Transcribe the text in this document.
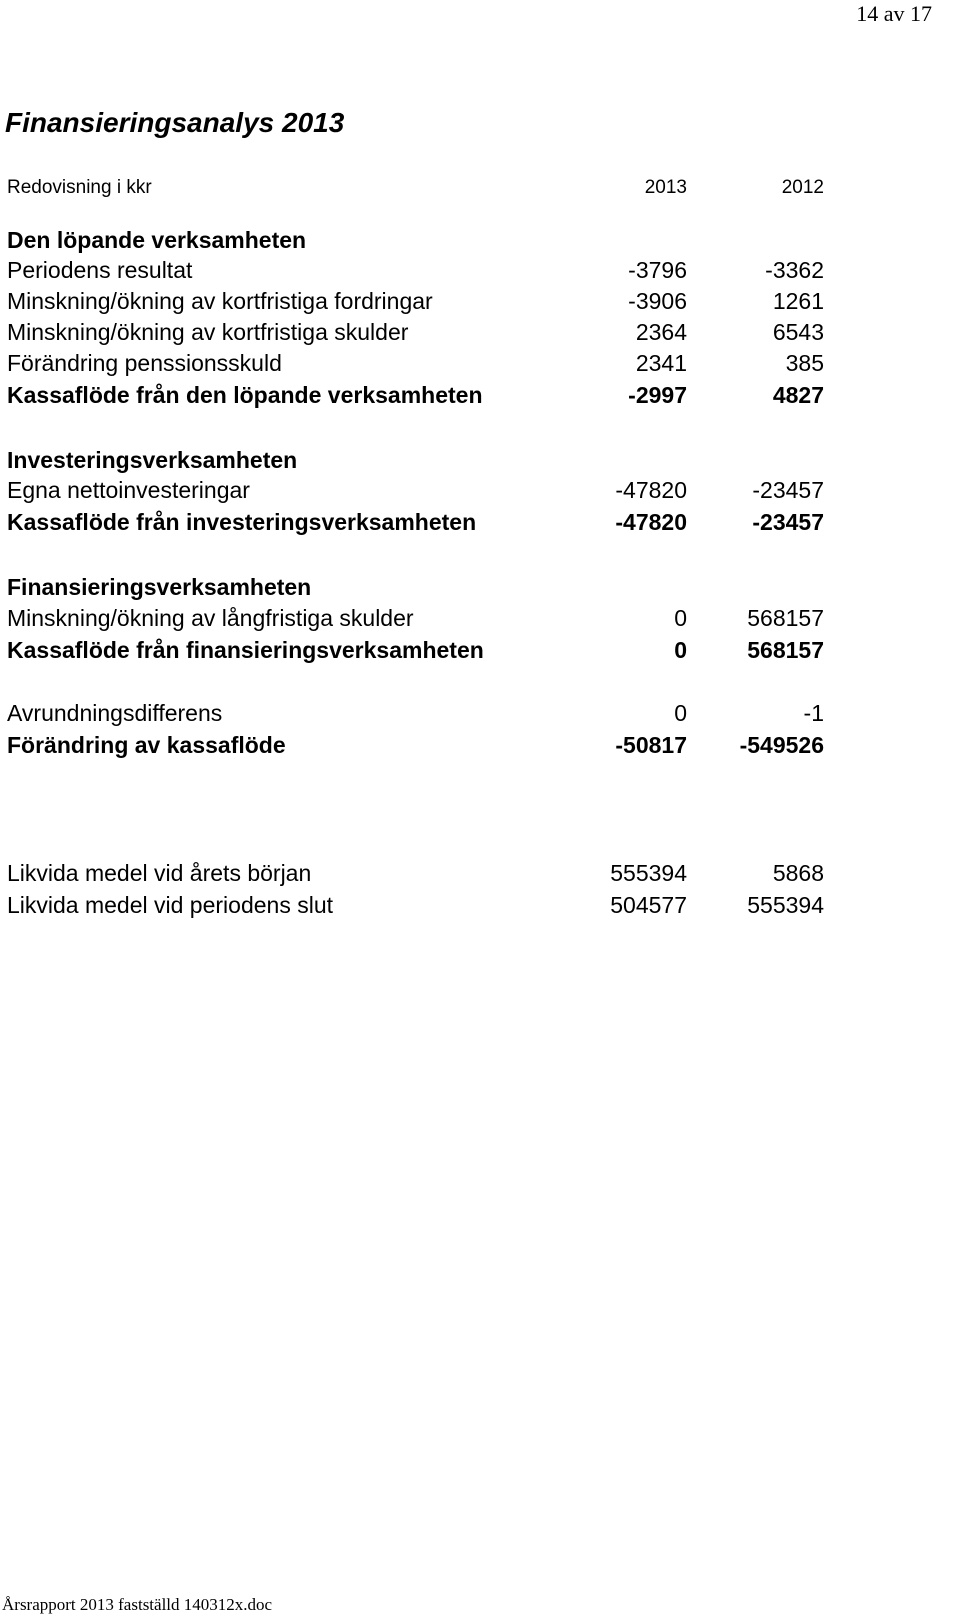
14 av 17
Finansieringsanalys 2013
Redovisning i kkr	2013	2012
Den löpande verksamheten
Periodens resultat	-3796	-3362
Minskning/ökning av kortfristiga fordringar	-3906	1261
Minskning/ökning av kortfristiga skulder	2364	6543
Förändring penssionsskuld	2341	385
Kassaflöde från den löpande verksamheten	-2997	4827
Investeringsverksamheten
Egna nettoinvesteringar	-47820	-23457
Kassaflöde från investeringsverksamheten	-47820	-23457
Finansieringsverksamheten
Minskning/ökning av långfristiga skulder	0	568157
Kassaflöde från finansieringsverksamheten	0	568157
Avrundningsdifferens	0	-1
Förändring av kassaflöde	-50817 -549526
Likvida medel vid årets början	555394	5868
Likvida medel vid periodens slut	504577	555394
Årsrapport 2013 fastställd 140312x.doc
